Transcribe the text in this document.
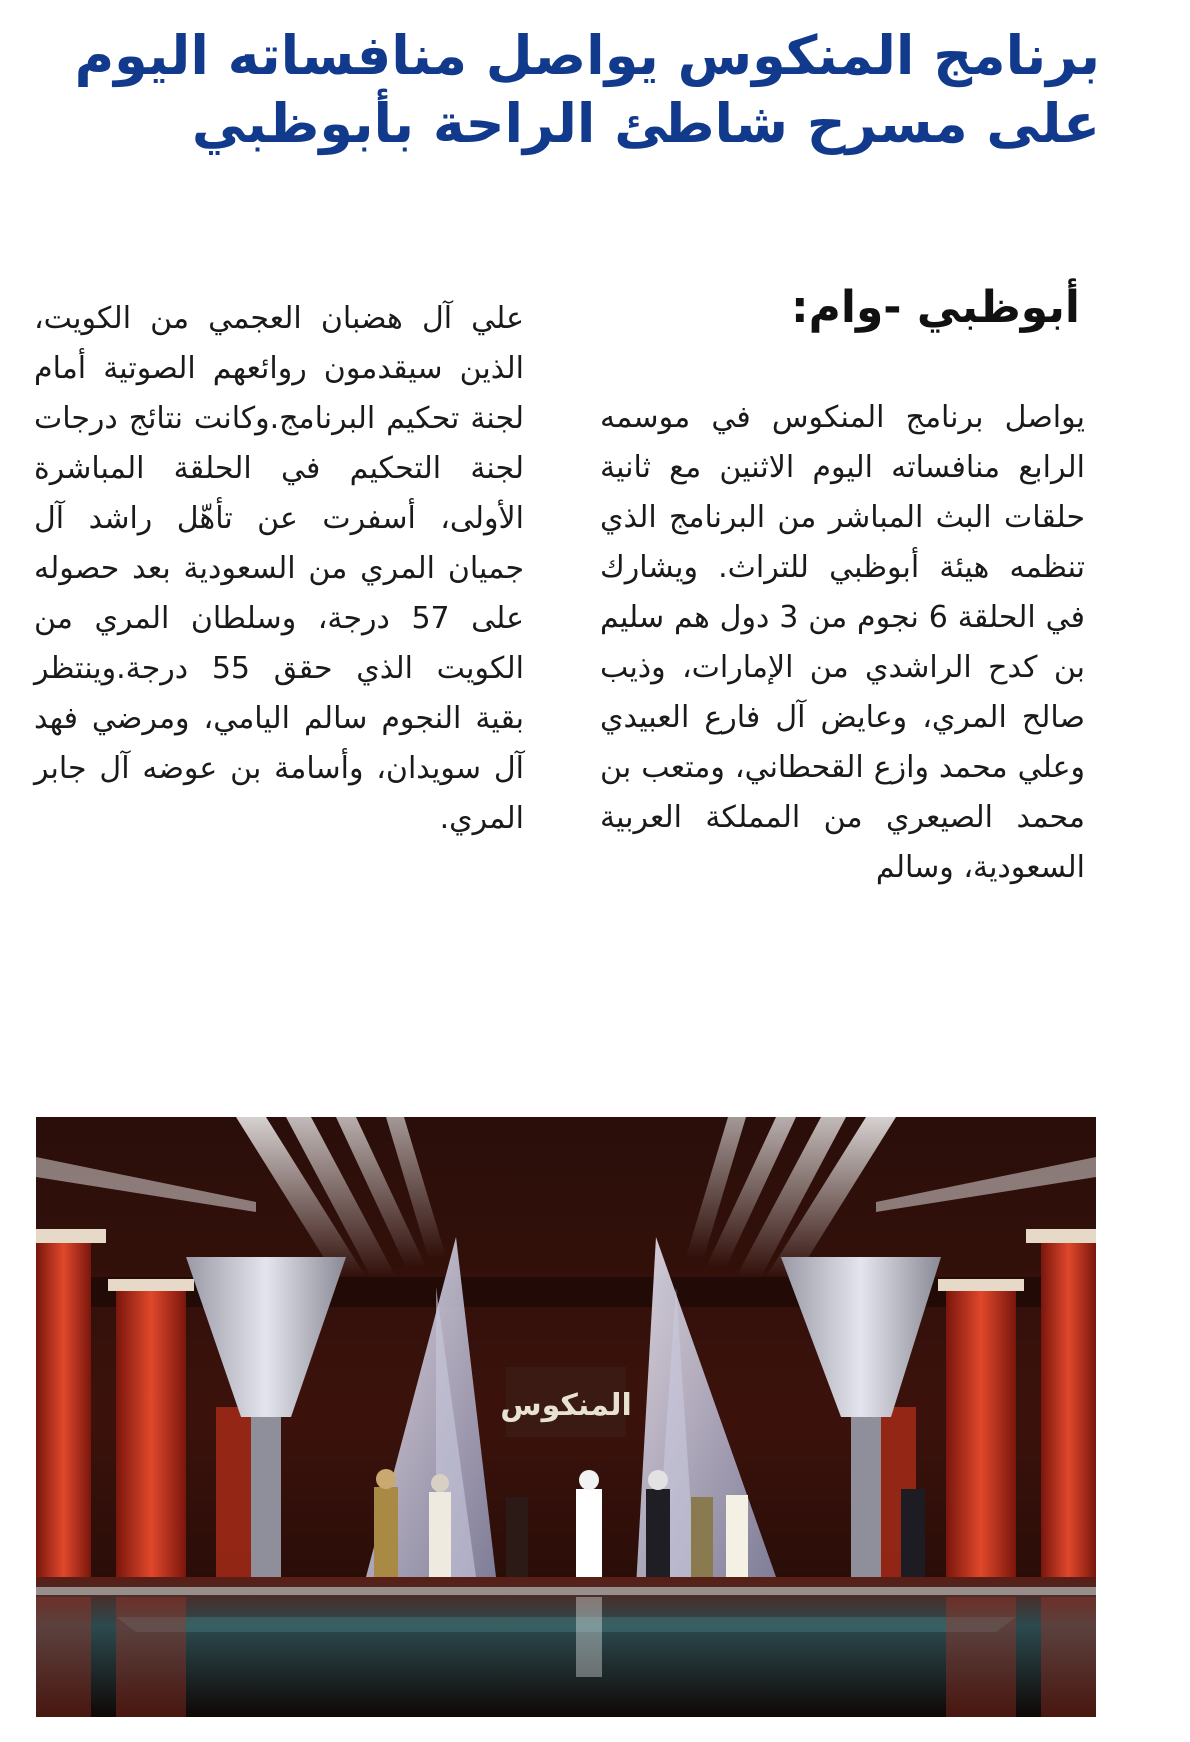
برنامج المنكوس يواصل منافساته اليوم
على مسرح شاطئ الراحة بأبوظبي
أبوظبي -وام:

يواصل برنامج المنكوس في موسمه الرابع منافساته اليوم الاثنين مع ثانية حلقات البث المباشر من البرنامج الذي تنظمه هيئة أبوظبي للتراث. ويشارك في الحلقة 6 نجوم من 3 دول هم سليم بن كدح الراشدي من الإمارات، وذيب صالح المري، وعايض آل فارع العبيدي وعلي محمد وازع القحطاني، ومتعب بن محمد الصيعري من المملكة العربية السعودية، وسالم

علي آل هضبان العجمي من الكويت، الذين سيقدمون روائعهم الصوتية أمام لجنة تحكيم البرنامج.وكانت نتائج درجات لجنة التحكيم في الحلقة المباشرة الأولى، أسفرت عن تأهّل راشد آل جميان المري من السعودية بعد حصوله على 57 درجة، وسلطان المري من الكويت الذي حقق 55 درجة.وينتظر بقية النجوم سالم اليامي، ومرضي فهد آل سويدان، وأسامة بن عوضه آل جابر المري.

المنكوس
